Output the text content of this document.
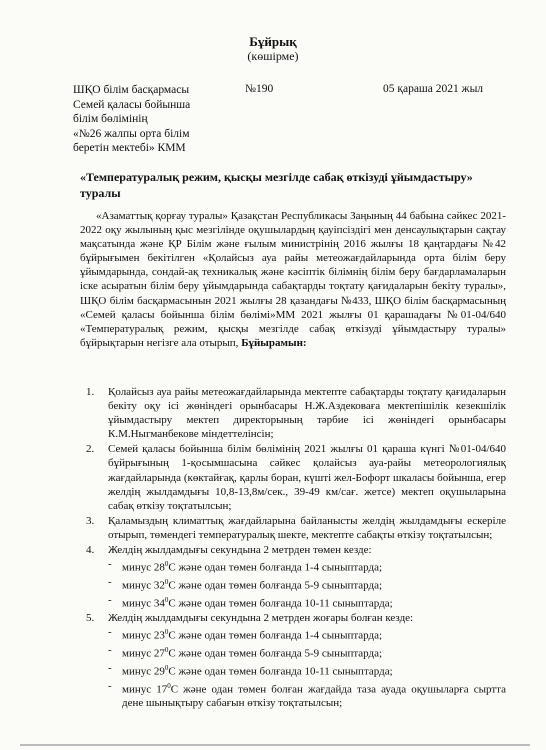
Бұйрық
(көшірме)
ШҚО білім басқармасы
Семей қаласы бойынша
білім бөлімінің
«№26 жалпы орта білім
беретін мектебі» КММ
№190	05 қараша 2021 жыл
«Температуралық режим, қысқы мезгілде сабақ өткізуді ұйымдастыру» туралы
«Азаматтық қорғау туралы» Қазақстан Республикасы Заңының 44 бабына сәйкес 2021-2022 оқу жылының қыс мезгілінде оқушылардың қауіпсіздігі мен денсаулықтарын сақтау мақсатында және ҚР Білім және ғылым министрінің 2016 жылғы 18 қаңтардағы №42 бұйрығымен бекітілген «Қолайсыз ауа райы метеожағдайларында орта білім беру ұйымдарында, сондай-ақ техникалық және кәсіптік білімнің білім беру бағдарламаларын іске асыратын білім беру ұйымдарында сабақтарды тоқтату қағидаларын бекіту туралы», ШҚО білім басқармасынын 2021 жылғы 28 қазандағы №433, ШҚО білім басқармасының «Семей қаласы бойынша білім бөлімі»ММ 2021 жылғы 01 қарашадағы №01-04/640 «Температуралық режим, қысқы мезгілде сабақ өткізуді ұйымдастыру туралы» бұйрықтарын негізге ала отырып, Бұйырамын:
1. Қолайсыз ауа райы метеожағдайларында мектепте сабақтарды тоқтату қағидаларын бекіту оқу ісі жөніндегі орынбасары Н.Ж.Аздековаға мектепішілік кезекшілік ұйымдастыру мектеп директорының тәрбие ісі жөніндегі орынбасары К.М.Ныгманбекове міндеттелінсін;
2. Семей қаласы бойынша білім бөлімінің 2021 жылғы 01 қараша күнгі №01-04/640 бұйрығының 1-қосымшасына сәйкес қолайсыз ауа-райы метеорологиялық жағдайларында (көктайғақ, қарлы боран, күшті жел-Бофорт шкаласы бойынша, егер желдің жылдамдығы 10,8-13,8м/сек., 39-49 км/сағ. жетсе) мектеп оқушыларына сабақ өткізу тоқтатылсын;
3. Қаламыздың климаттық жағдайларына байланысты желдің жылдамдығы ескеріле отырып, төмендегі температуралық шекте, мектепте сабақты өткізу тоқтатылсын;
4. Желдің жылдамдығы секундына 2 метрден төмен кезде:
- минус $28^0С$ және одан төмен болғанда 1-4 сыныптарда;
- минус $32^0С$ және одан төмен болғанда 5-9 сыныптарда;
- минус $34^0С$ және одан төмен болғанда 10-11 сыныптарда;
5. Желдің жылдамдығы секундына 2 метрден жоғары болған кезде:
- минус $23^0С$ және одан төмен болғанда 1-4 сыныптарда;
- минус $27^0С$ және одан төмен болғанда 5-9 сыныптарда;
- минус $29^0С$ және одан төмен болғанда 10-11 сыныптарда;
- минус $17^0С$ және одан төмен болған жағдайда таза ауада оқушыларға сыртта дене шынықтыру сабағын өткізу тоқтатылсын;
